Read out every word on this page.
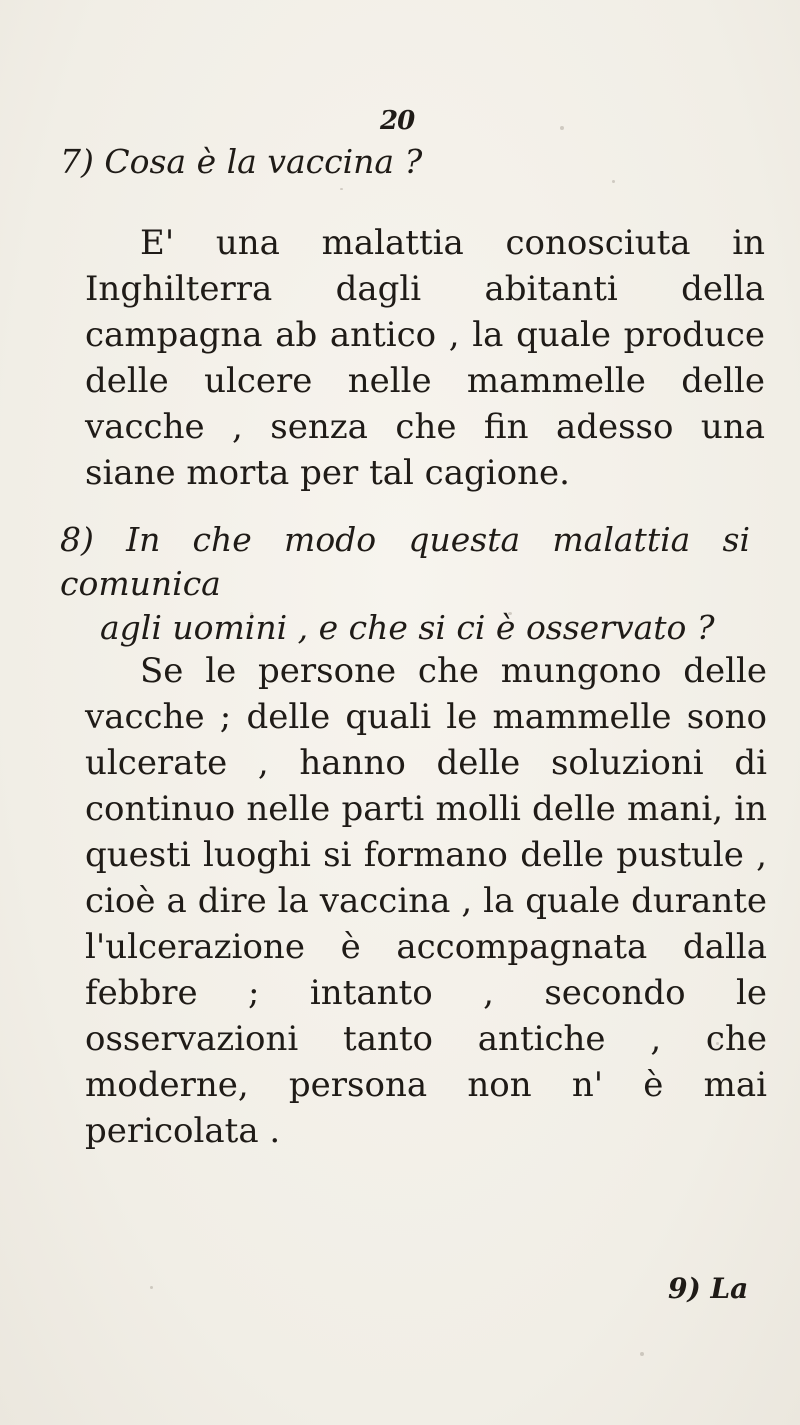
20
7) Cosa è la vaccina ?
E' una malattia conosciuta in Inghilterra dagli abitanti della campagna ab antico , la quale produce delle ulcere nelle mammelle delle vacche , senza che fin adesso una siane morta per tal cagione.
8) In che modo questa malattia si comunica
agli uomini , e che si ci è osservato ?
Se le persone che mungono delle vacche ; delle quali le mammelle sono ulcerate , hanno delle soluzioni di continuo nelle parti molli delle mani, in questi luoghi si formano delle pustule , cioè a dire la vaccina , la quale durante l'ulcerazione è accompagnata dalla febbre ; intanto , secondo le osservazioni tanto antiche , che moderne, persona non n' è mai pericolata .
9) La
